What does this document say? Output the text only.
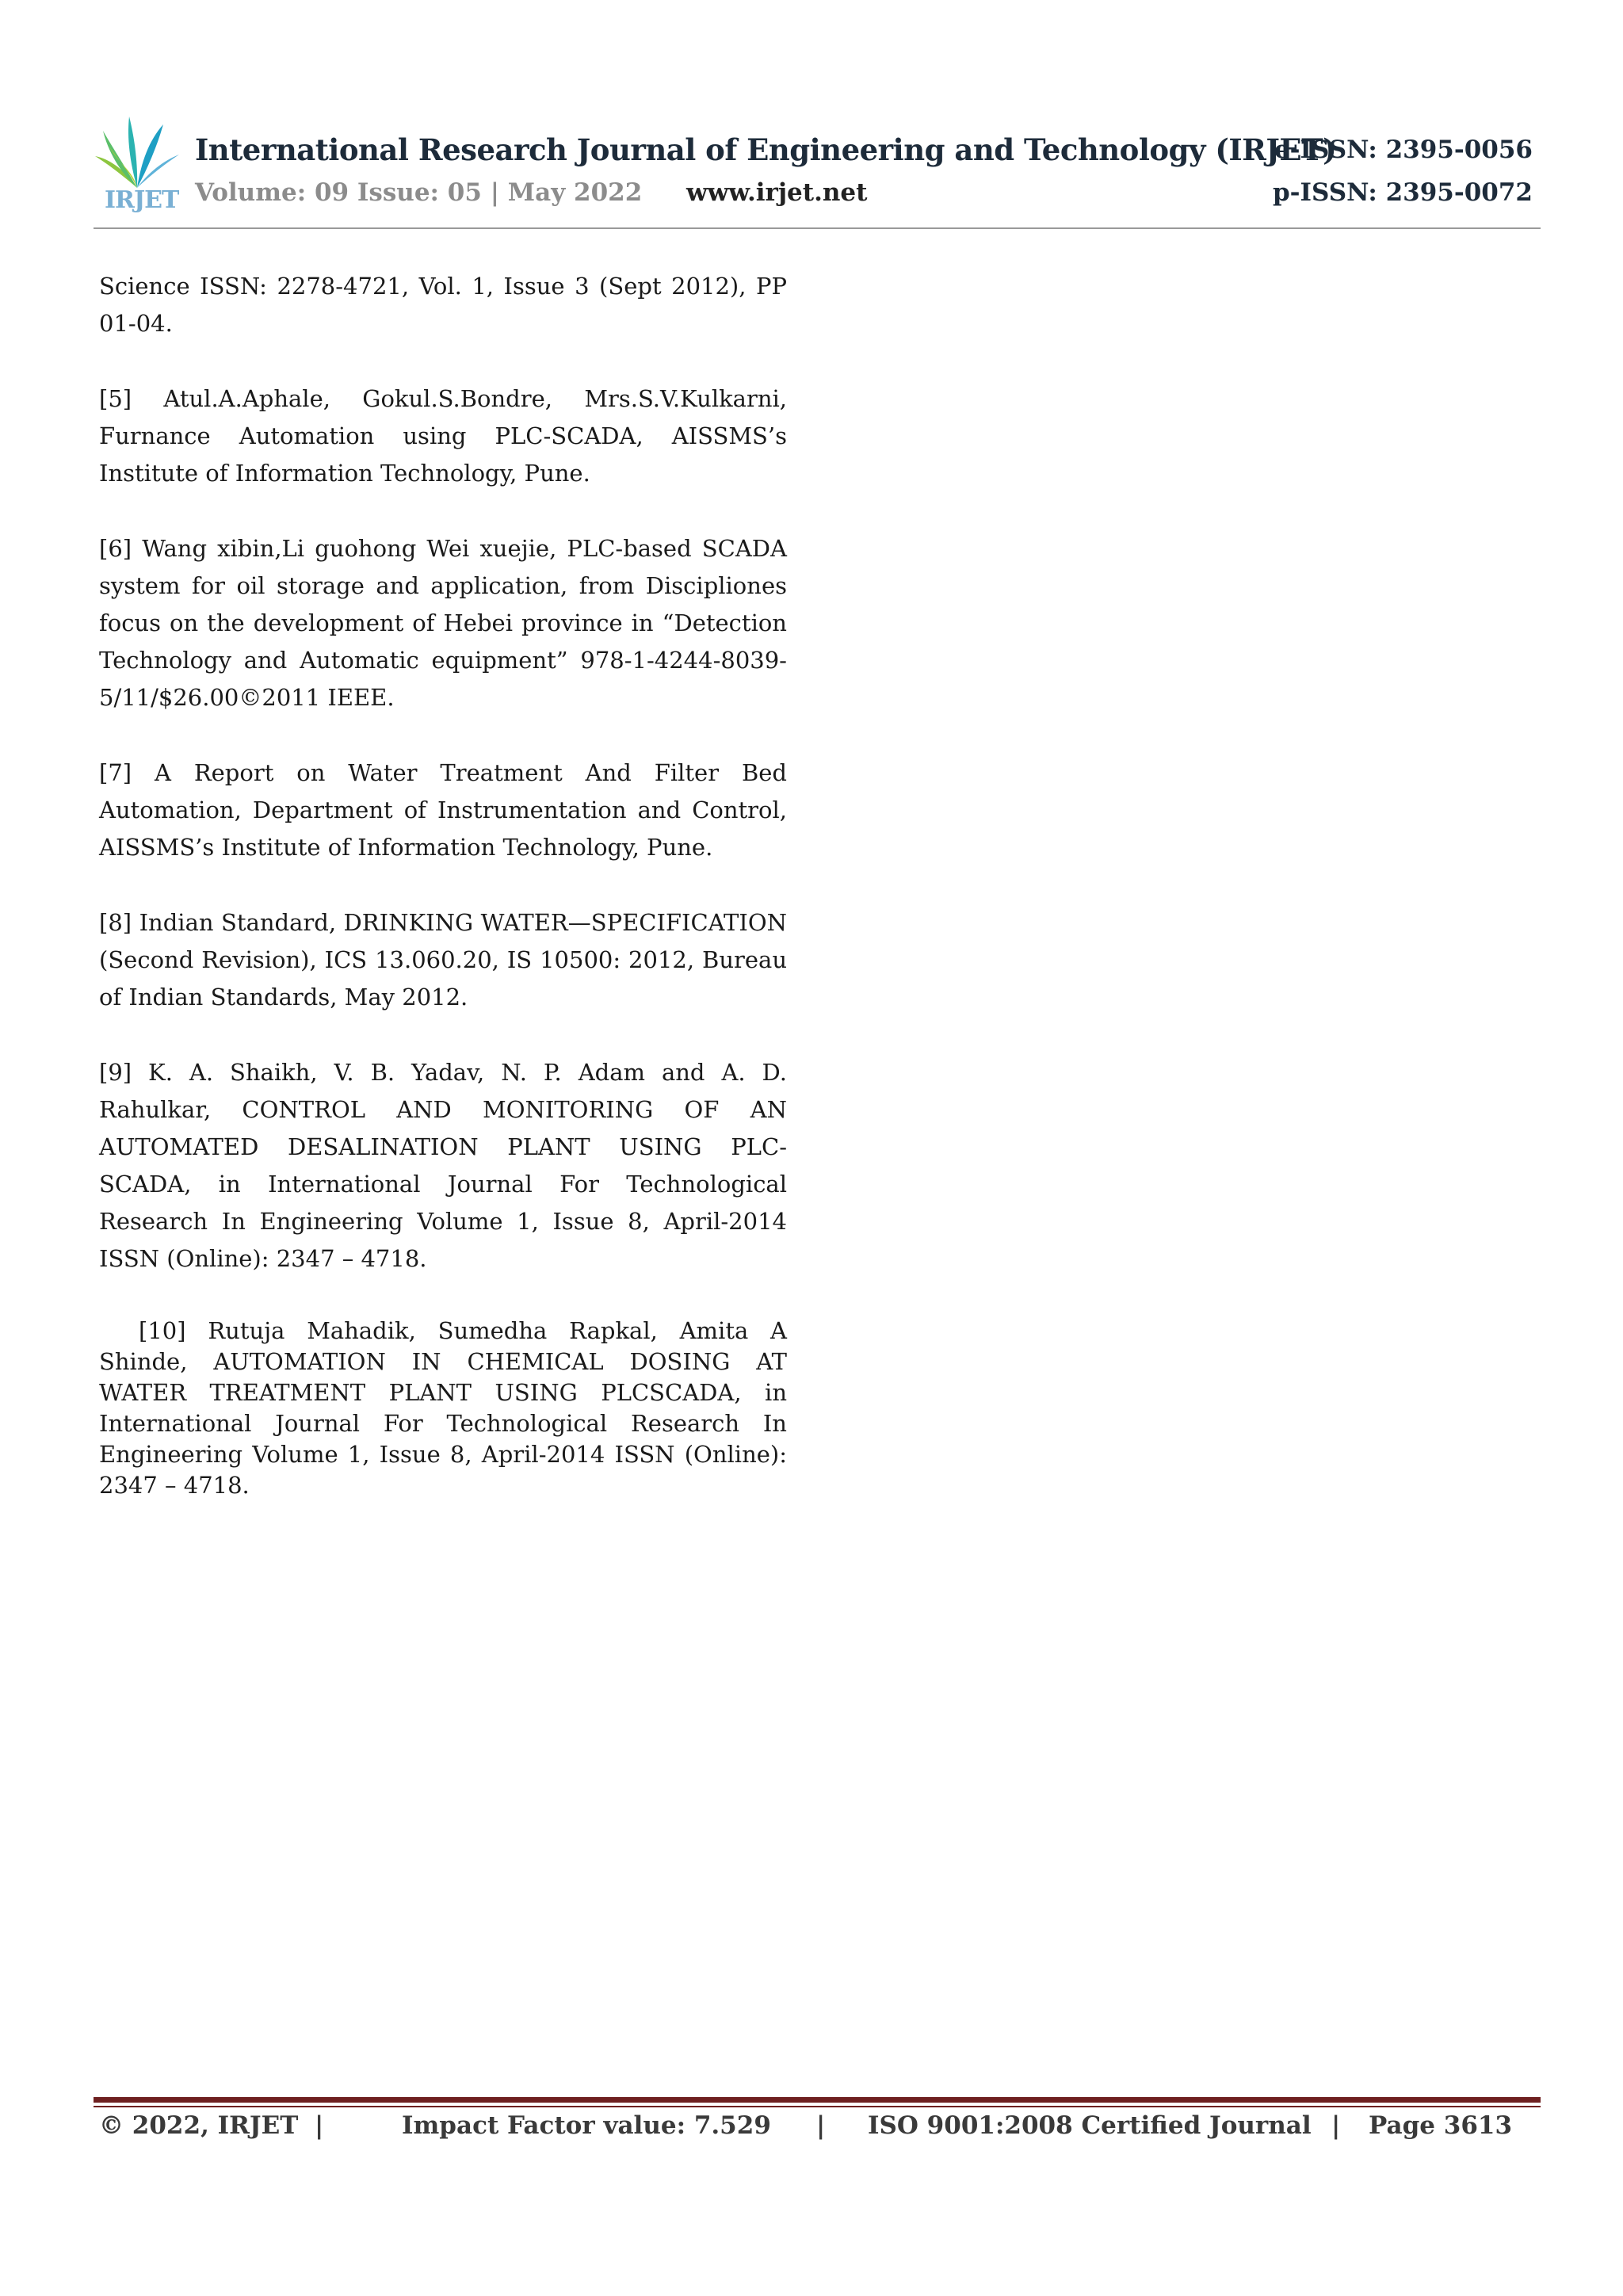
IRJET
International Research Journal of Engineering and Technology (IRJET)
Volume: 09 Issue: 05 | May 2022 www.irjet.net
e-ISSN: 2395-0056
p-ISSN: 2395-0072

Science ISSN: 2278-4721, Vol. 1, Issue 3 (Sept 2012), PP 01-04.

[5] Atul.A.Aphale, Gokul.S.Bondre, Mrs.S.V.Kulkarni, Furnance Automation using PLC-SCADA, AISSMS’s Institute of Information Technology, Pune.

[6] Wang xibin,Li guohong Wei xuejie, PLC-based SCADA system for oil storage and application, from Discipliones focus on the development of Hebei province in “Detection Technology and Automatic equipment” 978-1-4244-8039-5/11/$26.00©2011 IEEE.

[7] A Report on Water Treatment And Filter Bed Automation, Department of Instrumentation and Control, AISSMS’s Institute of Information Technology, Pune.

[8] Indian Standard, DRINKING WATER—SPECIFICATION (Second Revision), ICS 13.060.20, IS 10500: 2012, Bureau of Indian Standards, May 2012.

[9] K. A. Shaikh, V. B. Yadav, N. P. Adam and A. D. Rahulkar, CONTROL AND MONITORING OF AN AUTOMATED DESALINATION PLANT USING PLC- SCADA, in International Journal For Technological Research In Engineering Volume 1, Issue 8, April-2014 ISSN (Online): 2347 – 4718.

[10] Rutuja Mahadik, Sumedha Rapkal, Amita A Shinde, AUTOMATION IN CHEMICAL DOSING AT WATER TREATMENT PLANT USING PLCSCADA, in International Journal For Technological Research In Engineering Volume 1, Issue 8, April-2014 ISSN (Online): 2347 – 4718.

© 2022, IRJET |	Impact Factor value: 7.529 | ISO 9001:2008 Certified Journal | Page 3613
